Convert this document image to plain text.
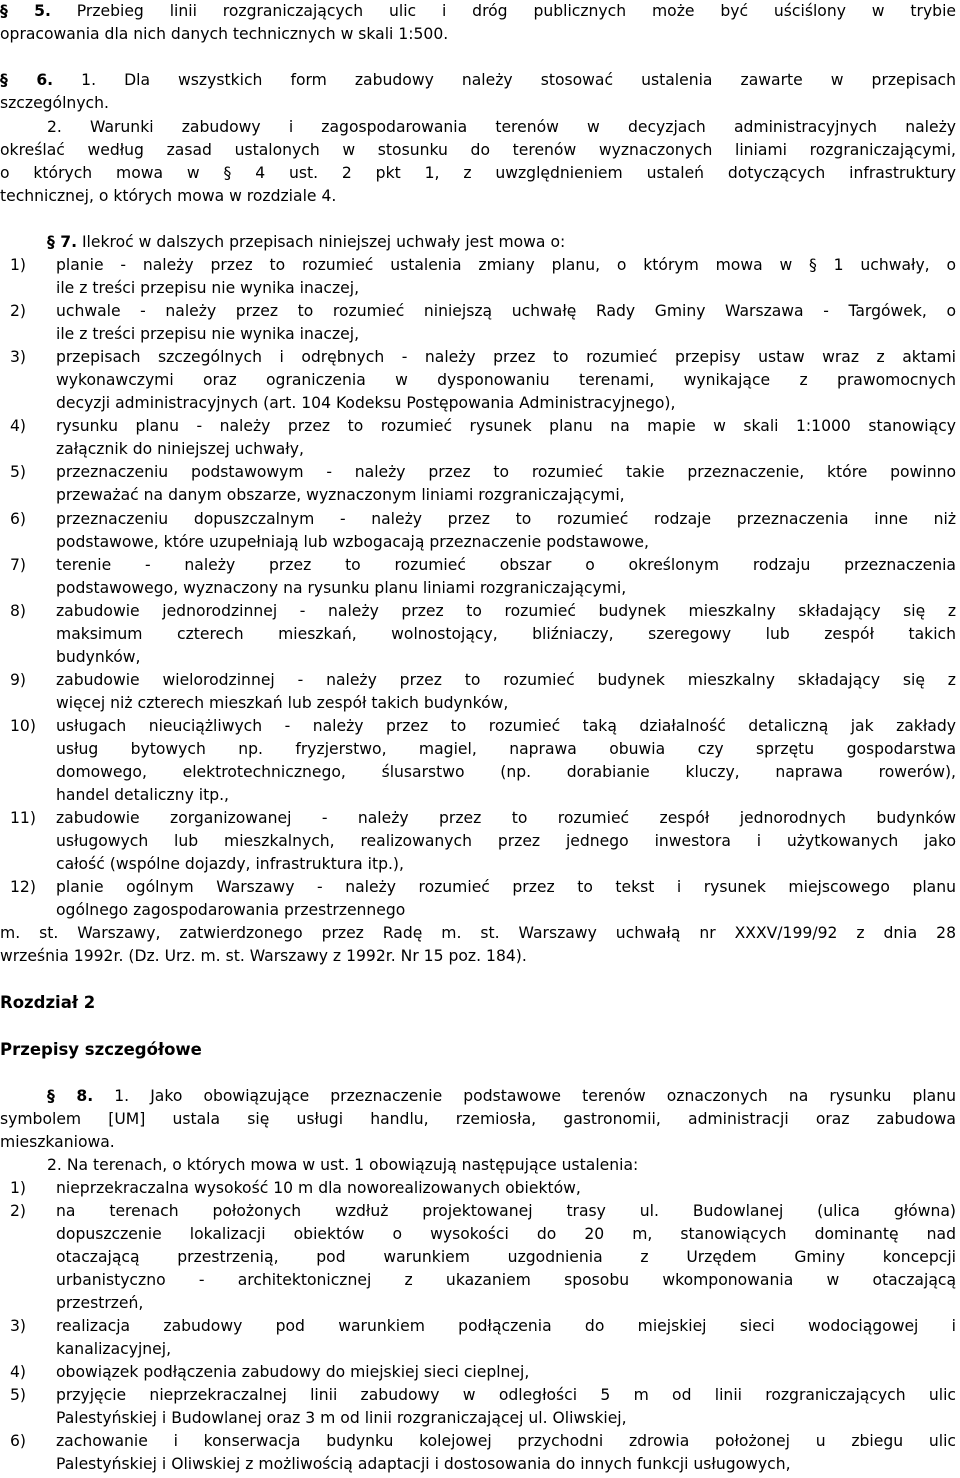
§ 5. Przebieg linii rozgraniczających ulic i dróg publicznych może być uściślony w trybie
opracowania dla nich danych technicznych w skali 1:500.
§ 6. 1. Dla wszystkich form zabudowy należy stosować ustalenia zawarte w przepisach
szczególnych.
2. Warunki zabudowy i zagospodarowania terenów w decyzjach administracyjnych należy
określać według zasad ustalonych w stosunku do terenów wyznaczonych liniami rozgraniczającymi,
o których mowa w § 4 ust. 2 pkt 1, z uwzględnieniem ustaleń dotyczących infrastruktury
technicznej, o których mowa w rozdziale 4.
§ 7. Ilekroć w dalszych przepisach niniejszej uchwały jest mowa o:
1) planie - należy przez to rozumieć ustalenia zmiany planu, o którym mowa w § 1 uchwały, o
ile z treści przepisu nie wynika inaczej,
2) uchwale - należy przez to rozumieć niniejszą uchwałę Rady Gminy Warszawa - Targówek, o
ile z treści przepisu nie wynika inaczej,
3) przepisach szczególnych i odrębnych - należy przez to rozumieć przepisy ustaw wraz z aktami
wykonawczymi oraz ograniczenia w dysponowaniu terenami, wynikające z prawomocnych
decyzji administracyjnych (art. 104 Kodeksu Postępowania Administracyjnego),
4) rysunku planu - należy przez to rozumieć rysunek planu na mapie w skali 1:1000 stanowiący
załącznik do niniejszej uchwały,
5) przeznaczeniu podstawowym - należy przez to rozumieć takie przeznaczenie, które powinno
przeważać na danym obszarze, wyznaczonym liniami rozgraniczającymi,
6) przeznaczeniu dopuszczalnym - należy przez to rozumieć rodzaje przeznaczenia inne niż
podstawowe, które uzupełniają lub wzbogacają przeznaczenie podstawowe,
7) terenie - należy przez to rozumieć obszar o określonym rodzaju przeznaczenia
podstawowego, wyznaczony na rysunku planu liniami rozgraniczającymi,
8) zabudowie jednorodzinnej - należy przez to rozumieć budynek mieszkalny składający się z
maksimum czterech mieszkań, wolnostojący, bliźniaczy, szeregowy lub zespół takich
budynków,
9) zabudowie wielorodzinnej - należy przez to rozumieć budynek mieszkalny składający się z
więcej niż czterech mieszkań lub zespół takich budynków,
10) usługach nieuciążliwych - należy przez to rozumieć taką działalność detaliczną jak zakłady
usług bytowych np. fryzjerstwo, magiel, naprawa obuwia czy sprzętu gospodarstwa
domowego, elektrotechnicznego, ślusarstwo (np. dorabianie kluczy, naprawa rowerów),
handel detaliczny itp.,
11) zabudowie zorganizowanej - należy przez to rozumieć zespół jednorodnych budynków
usługowych lub mieszkalnych, realizowanych przez jednego inwestora i użytkowanych jako
całość (wspólne dojazdy, infrastruktura itp.),
12) planie ogólnym Warszawy - należy rozumieć przez to tekst i rysunek miejscowego planu
ogólnego zagospodarowania przestrzennego
m. st. Warszawy, zatwierdzonego przez Radę m. st. Warszawy uchwałą nr XXXV/199/92 z dnia 28
września 1992r. (Dz. Urz. m. st. Warszawy z 1992r. Nr 15 poz. 184).
Rozdział 2
Przepisy szczegółowe
§ 8. 1. Jako obowiązujące przeznaczenie podstawowe terenów oznaczonych na rysunku planu
symbolem [UM] ustala się usługi handlu, rzemiosła, gastronomii, administracji oraz zabudowa
mieszkaniowa.
2. Na terenach, o których mowa w ust. 1 obowiązują następujące ustalenia:
1) nieprzekraczalna wysokość 10 m dla noworealizowanych obiektów,
2) na terenach położonych wzdłuż projektowanej trasy ul. Budowlanej (ulica główna)
dopuszczenie lokalizacji obiektów o wysokości do 20 m, stanowiących dominantę nad
otaczającą przestrzenią, pod warunkiem uzgodnienia z Urzędem Gminy koncepcji
urbanistyczno - architektonicznej z ukazaniem sposobu wkomponowania w otaczającą
przestrzeń,
3) realizacja zabudowy pod warunkiem podłączenia do miejskiej sieci wodociągowej i
kanalizacyjnej,
4) obowiązek podłączenia zabudowy do miejskiej sieci cieplnej,
5) przyjęcie nieprzekraczalnej linii zabudowy w odległości 5 m od linii rozgraniczających ulic
Palestyńskiej i Budowlanej oraz 3 m od linii rozgraniczającej ul. Oliwskiej,
6) zachowanie i konserwacja budynku kolejowej przychodni zdrowia położonej u zbiegu ulic
Palestyńskiej i Oliwskiej z możliwością adaptacji i dostosowania do innych funkcji usługowych,
